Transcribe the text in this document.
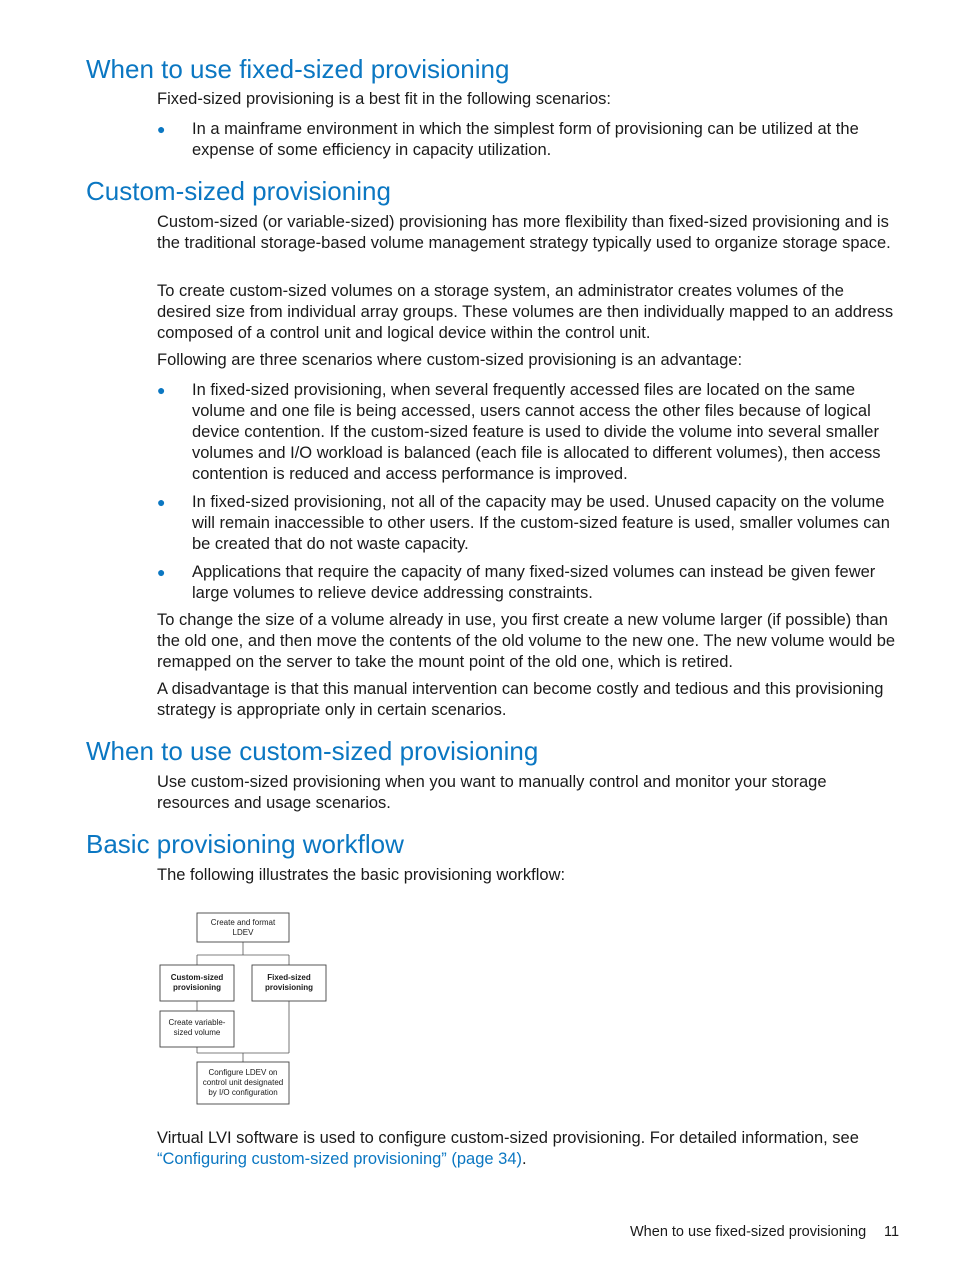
When to use fixed-sized provisioning

Fixed-sized provisioning is a best fit in the following scenarios:

● In a mainframe environment in which the simplest form of provisioning can be utilized at the expense of some efficiency in capacity utilization.
Custom-sized provisioning

Custom-sized (or variable-sized) provisioning has more flexibility than fixed-sized provisioning and is the traditional storage-based volume management strategy typically used to organize storage space.

To create custom-sized volumes on a storage system, an administrator creates volumes of the desired size from individual array groups. These volumes are then individually mapped to an address composed of a control unit and logical device within the control unit.

Following are three scenarios where custom-sized provisioning is an advantage:

● In fixed-sized provisioning, when several frequently accessed files are located on the same volume and one file is being accessed, users cannot access the other files because of logical device contention. If the custom-sized feature is used to divide the volume into several smaller volumes and I/O workload is balanced (each file is allocated to different volumes), then access contention is reduced and access performance is improved.
● In fixed-sized provisioning, not all of the capacity may be used. Unused capacity on the volume will remain inaccessible to other users. If the custom-sized feature is used, smaller volumes can be created that do not waste capacity.
● Applications that require the capacity of many fixed-sized volumes can instead be given fewer large volumes to relieve device addressing constraints.

To change the size of a volume already in use, you first create a new volume larger (if possible) than the old one, and then move the contents of the old volume to the new one. The new volume would be remapped on the server to take the mount point of the old one, which is retired.

A disadvantage is that this manual intervention can become costly and tedious and this provisioning strategy is appropriate only in certain scenarios.

When to use custom-sized provisioning

Use custom-sized provisioning when you want to manually control and monitor your storage resources and usage scenarios.

Basic provisioning workflow

The following illustrates the basic provisioning workflow:

Create and format
LDEV
Custom-sized
provisioning
Fixed-sized
provisioning
Create variable-
sized volume
Configure LDEV on
control unit designated
by I/O configuration

Virtual LVI software is used to configure custom-sized provisioning. For detailed information, see “Configuring custom-sized provisioning” (page 34).

When to use fixed-sized provisioning 11
